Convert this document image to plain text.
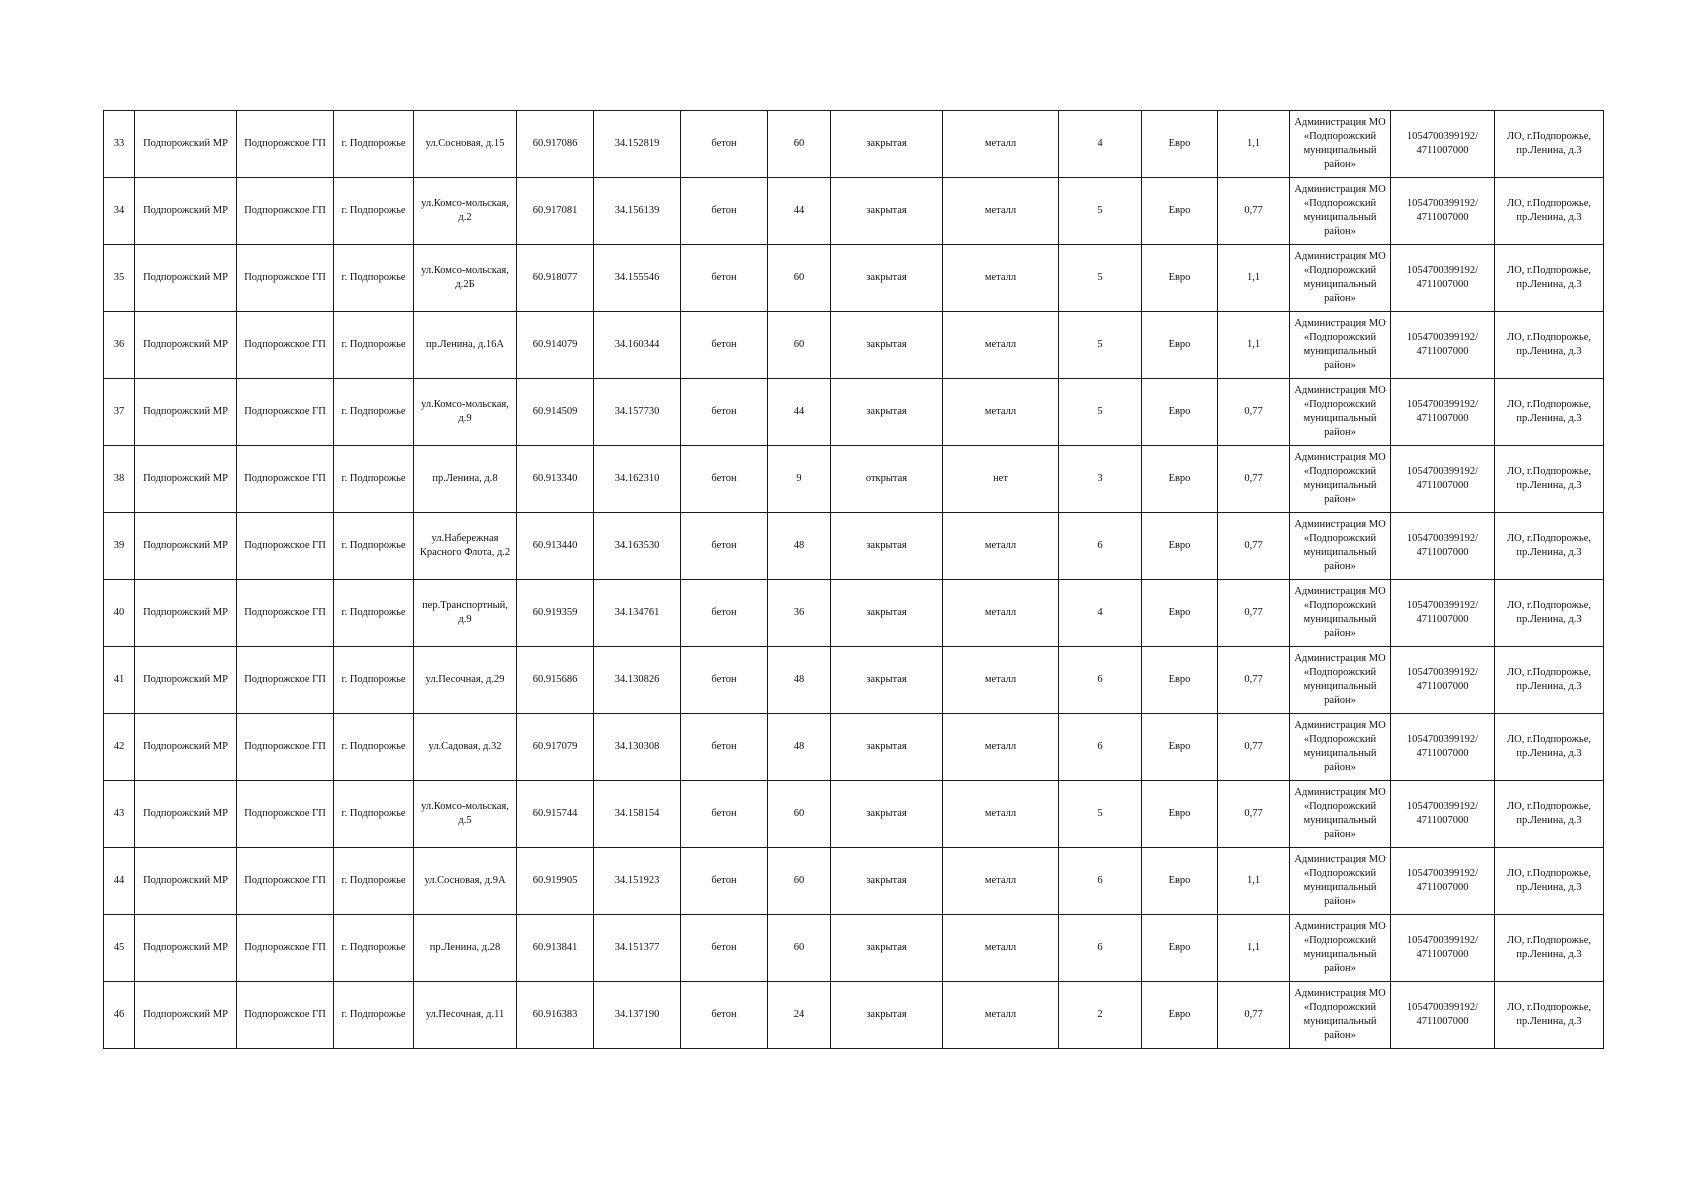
33	Подпорожский МР	Подпорожское ГП	г. Подпорожье	ул.Сосновая, д.15	60.917086	34.152819	бетон	60	закрытая	металл	4	Евро	1,1	Администрация МО «Подпорожский муниципальный район»	1054700399192/ 4711007000	ЛО, г.Подпорожье, пр.Ленина, д.3
34	Подпорожский МР	Подпорожское ГП	г. Подпорожье	ул.Комсо-мольская, д.2	60.917081	34.156139	бетон	44	закрытая	металл	5	Евро	0,77	Администрация МО «Подпорожский муниципальный район»	1054700399192/ 4711007000	ЛО, г.Подпорожье, пр.Ленина, д.3
35	Подпорожский МР	Подпорожское ГП	г. Подпорожье	ул.Комсо-мольская, д.2Б	60.918077	34.155546	бетон	60	закрытая	металл	5	Евро	1,1	Администрация МО «Подпорожский муниципальный район»	1054700399192/ 4711007000	ЛО, г.Подпорожье, пр.Ленина, д.3
36	Подпорожский МР	Подпорожское ГП	г. Подпорожье	пр.Ленина, д.16А	60.914079	34.160344	бетон	60	закрытая	металл	5	Евро	1,1	Администрация МО «Подпорожский муниципальный район»	1054700399192/ 4711007000	ЛО, г.Подпорожье, пр.Ленина, д.3
37	Подпорожский МР	Подпорожское ГП	г. Подпорожье	ул.Комсо-мольская, д.9	60.914509	34.157730	бетон	44	закрытая	металл	5	Евро	0,77	Администрация МО «Подпорожский муниципальный район»	1054700399192/ 4711007000	ЛО, г.Подпорожье, пр.Ленина, д.3
38	Подпорожский МР	Подпорожское ГП	г. Подпорожье	пр.Ленина, д.8	60.913340	34.162310	бетон	9	открытая	нет	3	Евро	0,77	Администрация МО «Подпорожский муниципальный район»	1054700399192/ 4711007000	ЛО, г.Подпорожье, пр.Ленина, д.3
39	Подпорожский МР	Подпорожское ГП	г. Подпорожье	ул.Набережная Красного Флота, д.2	60.913440	34.163530	бетон	48	закрытая	металл	6	Евро	0,77	Администрация МО «Подпорожский муниципальный район»	1054700399192/ 4711007000	ЛО, г.Подпорожье, пр.Ленина, д.3
40	Подпорожский МР	Подпорожское ГП	г. Подпорожье	пер.Транспортный, д.9	60.919359	34.134761	бетон	36	закрытая	металл	4	Евро	0,77	Администрация МО «Подпорожский муниципальный район»	1054700399192/ 4711007000	ЛО, г.Подпорожье, пр.Ленина, д.3
41	Подпорожский МР	Подпорожское ГП	г. Подпорожье	ул.Песочная, д.29	60.915686	34.130826	бетон	48	закрытая	металл	6	Евро	0,77	Администрация МО «Подпорожский муниципальный район»	1054700399192/ 4711007000	ЛО, г.Подпорожье, пр.Ленина, д.3
42	Подпорожский МР	Подпорожское ГП	г. Подпорожье	ул.Садовая, д.32	60.917079	34.130308	бетон	48	закрытая	металл	6	Евро	0,77	Администрация МО «Подпорожский муниципальный район»	1054700399192/ 4711007000	ЛО, г.Подпорожье, пр.Ленина, д.3
43	Подпорожский МР	Подпорожское ГП	г. Подпорожье	ул.Комсо-мольская, д.5	60.915744	34.158154	бетон	60	закрытая	металл	5	Евро	0,77	Администрация МО «Подпорожский муниципальный район»	1054700399192/ 4711007000	ЛО, г.Подпорожье, пр.Ленина, д.3
44	Подпорожский МР	Подпорожское ГП	г. Подпорожье	ул.Сосновая, д.9А	60.919905	34.151923	бетон	60	закрытая	металл	6	Евро	1,1	Администрация МО «Подпорожский муниципальный район»	1054700399192/ 4711007000	ЛО, г.Подпорожье, пр.Ленина, д.3
45	Подпорожский МР	Подпорожское ГП	г. Подпорожье	пр.Ленина, д.28	60.913841	34.151377	бетон	60	закрытая	металл	6	Евро	1,1	Администрация МО «Подпорожский муниципальный район»	1054700399192/ 4711007000	ЛО, г.Подпорожье, пр.Ленина, д.3
46	Подпорожский МР	Подпорожское ГП	г. Подпорожье	ул.Песочная, д.11	60.916383	34.137190	бетон	24	закрытая	металл	2	Евро	0,77	Администрация МО «Подпорожский муниципальный район»	1054700399192/ 4711007000	ЛО, г.Подпорожье, пр.Ленина, д.3
